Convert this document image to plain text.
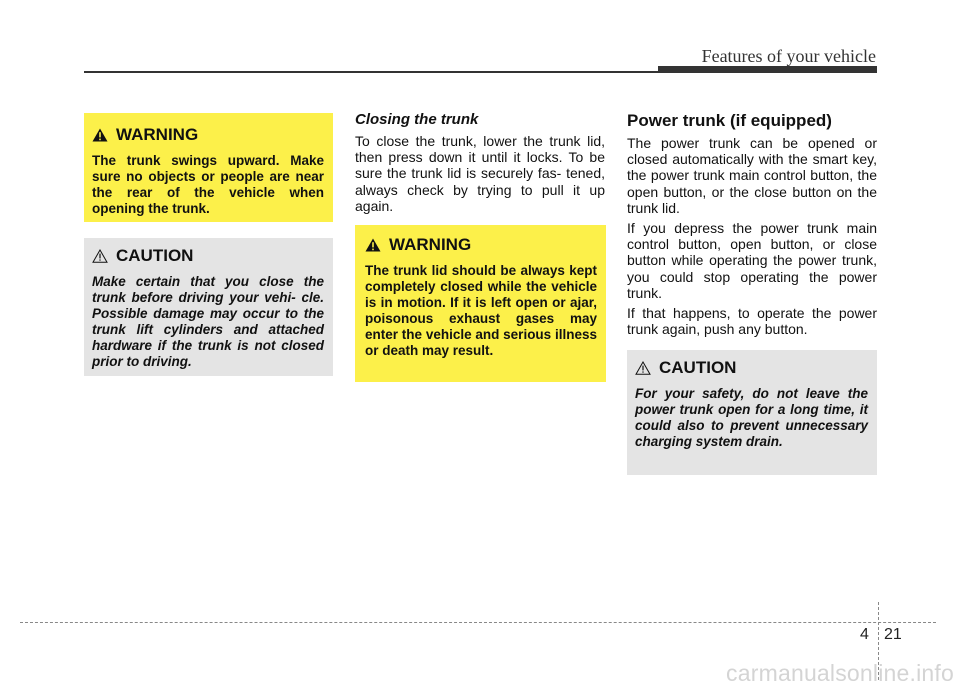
Features of your vehicle
WARNING
The trunk swings upward. Make sure no objects or people are near the rear of the vehicle when opening the trunk.
CAUTION
Make certain that you close the trunk before driving your vehi- cle. Possible damage may occur to the trunk lift cylinders and attached hardware if the trunk is not closed prior to driving.
Closing the trunk

To close the trunk, lower the trunk lid, then press down it until it locks. To be sure the trunk lid is securely fas- tened, always check by trying to pull it up again.

WARNING
The trunk lid should be always kept completely closed while the vehicle is in motion. If it is left open or ajar, poisonous exhaust gases may enter the vehicle and serious illness or death may result.
Power trunk (if equipped)

The power trunk can be opened or closed automatically with the smart key, the power trunk main control button, the open button, or the close button on the trunk lid.

If you depress the power trunk main control button, open button, or close button while operating the power trunk, you could stop operating the power trunk.

If that happens, to operate the power trunk again, push any button.

CAUTION
For your safety, do not leave the power trunk open for a long time, it could also to prevent unnecessary charging system drain.
4 21
carmanualsonline.info
